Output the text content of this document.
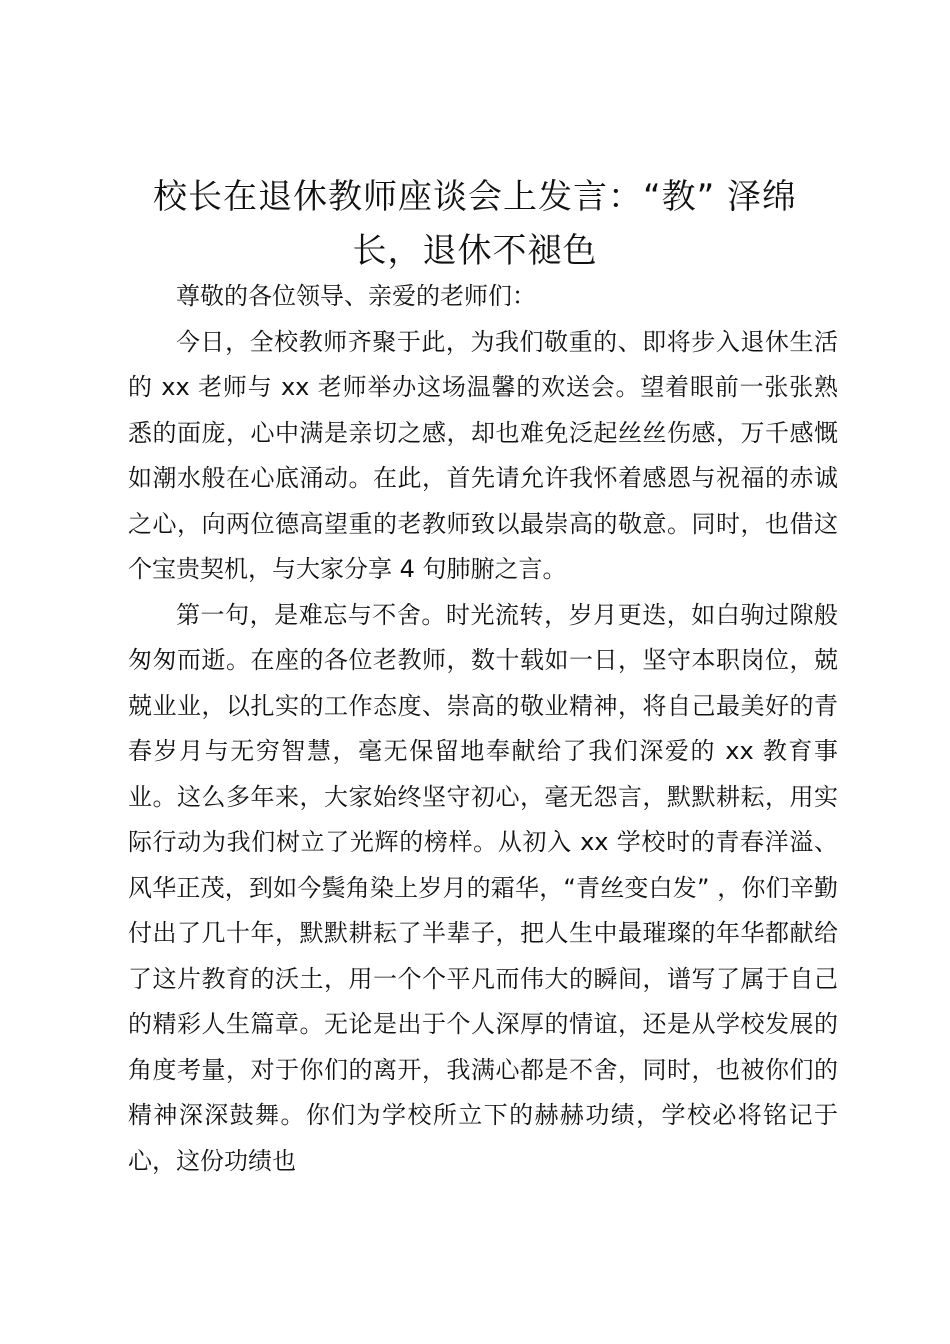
校长在退休教师座谈会上发言：“教” 泽绵
长，退休不褪色

尊敬的各位领导、亲爱的老师们：

今日，全校教师齐聚于此，为我们敬重的、即将步入退休生活的 xx 老师与 xx 老师举办这场温馨的欢送会。望着眼前一张张熟悉的面庞，心中满是亲切之感，却也难免泛起丝丝伤感，万千感慨如潮水般在心底涌动。在此，首先请允许我怀着感恩与祝福的赤诚之心，向两位德高望重的老教师致以最崇高的敬意。同时，也借这个宝贵契机，与大家分享 4 句肺腑之言。

第一句，是难忘与不舍。时光流转，岁月更迭，如白驹过隙般匆匆而逝。在座的各位老教师，数十载如一日，坚守本职岗位，兢兢业业，以扎实的工作态度、崇高的敬业精神，将自己最美好的青春岁月与无穷智慧，毫无保留地奉献给了我们深爱的 xx 教育事业。这么多年来，大家始终坚守初心，毫无怨言，默默耕耘，用实际行动为我们树立了光辉的榜样。从初入 xx 学校时的青春洋溢、风华正茂，到如今鬓角染上岁月的霜华，“青丝变白发” ，你们辛勤付出了几十年，默默耕耘了半辈子，把人生中最璀璨的年华都献给了这片教育的沃土，用一个个平凡而伟大的瞬间，谱写了属于自己的精彩人生篇章。无论是出于个人深厚的情谊，还是从学校发展的角度考量，对于你们的离开，我满心都是不舍，同时，也被你们的精神深深鼓舞。你们为学校所立下的赫赫功绩，学校必将铭记于心，这份功绩也
